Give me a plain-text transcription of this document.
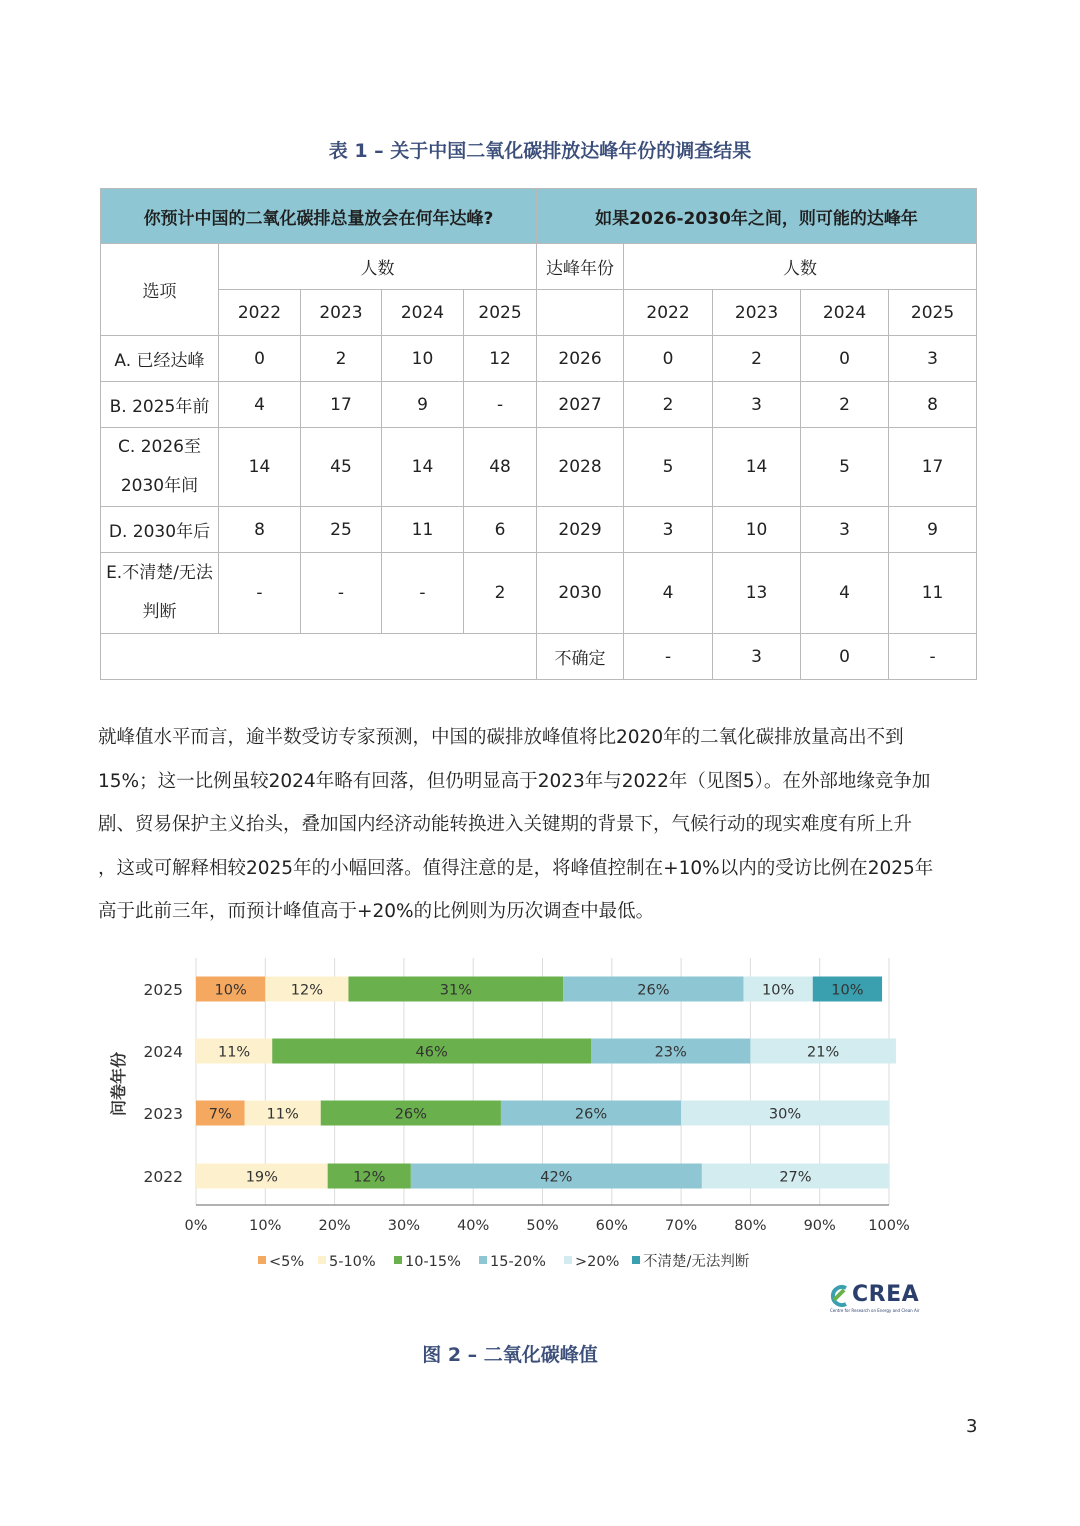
表 1 – 关于中国二氧化碳排放达峰年份的调查结果
你预计中国的二氧化碳排总量放会在何年达峰?					如果2026-2030年之间，则可能的达峰年				
选项	人数				达峰年份	人数			
	2022	2023	2024	2025		2022	2023	2024	2025
A. 已经达峰	0	2	10	12	2026	0	2	0	3
B. 2025年前	4	17	9	-	2027	2	3	2	8
C. 2026至
2030年间	14	45	14	48	2028	5	14	5	17
D. 2030年后	8	25	11	6	2029	3	10	3	9
E.不清楚/无法
判断	-	-	-	2	2030	4	13	4	11
					不确定	-	3	0	-

就峰值水平而言，逾半数受访专家预测，中国的碳排放峰值将比2020年的二氧化碳排放量高出不到

15%；这一比例虽较2024年略有回落，但仍明显高于2023年与2022年（见图5）。在外部地缘竞争加

剧、贸易保护主义抬头，叠加国内经济动能转换进入关键期的背景下，气候行动的现实难度有所上升

，这或可解释相较2025年的小幅回落。值得注意的是，将峰值控制在+10%以内的受访比例在2025年

高于此前三年，而预计峰值高于+20%的比例则为历次调查中最低。

10%	12%	31%	26%	10%	10%
2025
11%	46%	23%	21%
2024
7% 11%	26%	26%	30%
2023
19%	12%	42%	27%
2022
0%	10%	20%	30%	40%	50%	60%	70%	80%	90% 100%
<5% 5-10% 10-15% 15-20% >20% 不清楚/无法判断
问卷年份
CREA
Centre for Research on Energy and Clean Air
图 2 – 二氧化碳峰值
3
